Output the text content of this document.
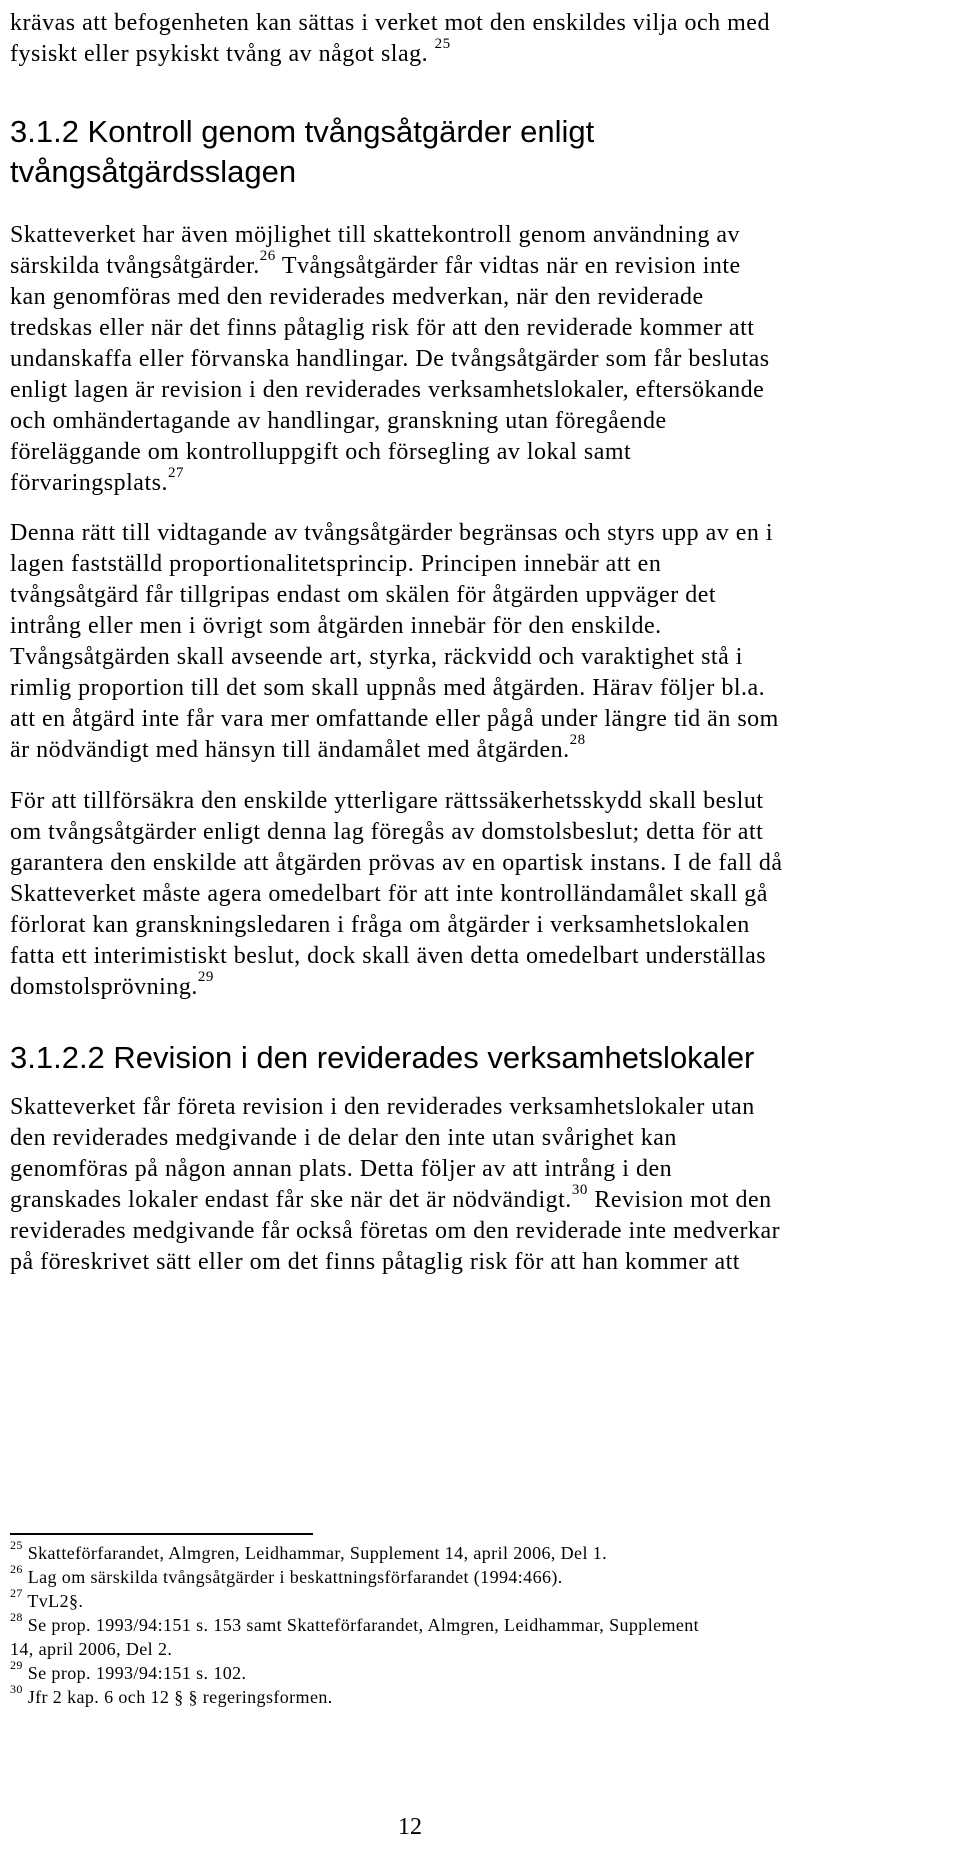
krävas att befogenheten kan sättas i verket mot den enskildes vilja och med
fysiskt eller psykiskt tvång av något slag. $^{25}$
3.1.2 Kontroll genom tvångsåtgärder enligt
tvångsåtgärdsslagen
Skatteverket har även möjlighet till skattekontroll genom användning av
särskilda tvångsåtgärder.$^{26}$ Tvångsåtgärder får vidtas när en revision inte
kan genomföras med den reviderades medverkan, när den reviderade
tredskas eller när det finns påtaglig risk för att den reviderade kommer att
undanskaffa eller förvanska handlingar. De tvångsåtgärder som får beslutas
enligt lagen är revision i den reviderades verksamhetslokaler, eftersökande
och omhändertagande av handlingar, granskning utan föregående
föreläggande om kontrolluppgift och försegling av lokal samt
förvaringsplats.$^{27}$
Denna rätt till vidtagande av tvångsåtgärder begränsas och styrs upp av en i
lagen fastställd proportionalitetsprincip. Principen innebär att en
tvångsåtgärd får tillgripas endast om skälen för åtgärden uppväger det
intrång eller men i övrigt som åtgärden innebär för den enskilde.
Tvångsåtgärden skall avseende art, styrka, räckvidd och varaktighet stå i
rimlig proportion till det som skall uppnås med åtgärden. Härav följer bl.a.
att en åtgärd inte får vara mer omfattande eller pågå under längre tid än som
är nödvändigt med hänsyn till ändamålet med åtgärden.$^{28}$
För att tillförsäkra den enskilde ytterligare rättssäkerhetsskydd skall beslut
om tvångsåtgärder enligt denna lag föregås av domstolsbeslut; detta för att
garantera den enskilde att åtgärden prövas av en opartisk instans. I de fall då
Skatteverket måste agera omedelbart för att inte kontrolländamålet skall gå
förlorat kan granskningsledaren i fråga om åtgärder i verksamhetslokalen
fatta ett interimistiskt beslut, dock skall även detta omedelbart underställas
domstolsprövning.$^{29}$
3.1.2.2 Revision i den reviderades verksamhetslokaler
Skatteverket får företa revision i den reviderades verksamhetslokaler utan
den reviderades medgivande i de delar den inte utan svårighet kan
genomföras på någon annan plats. Detta följer av att intrång i den
granskades lokaler endast får ske när det är nödvändigt.$^{30}$ Revision mot den
reviderades medgivande får också företas om den reviderade inte medverkar
på föreskrivet sätt eller om det finns påtaglig risk för att han kommer att
$^{25}$ Skatteförfarandet, Almgren, Leidhammar, Supplement 14, april 2006, Del 1.
$^{26}$ Lag om särskilda tvångsåtgärder i beskattningsförfarandet (1994:466).
$^{27}$ TvL2§.
$^{28}$ Se prop. 1993/94:151 s. 153 samt Skatteförfarandet, Almgren, Leidhammar, Supplement
14, april 2006, Del 2.
$^{29}$ Se prop. 1993/94:151 s. 102.
$^{30}$ Jfr 2 kap. 6 och 12 § § regeringsformen.
12
